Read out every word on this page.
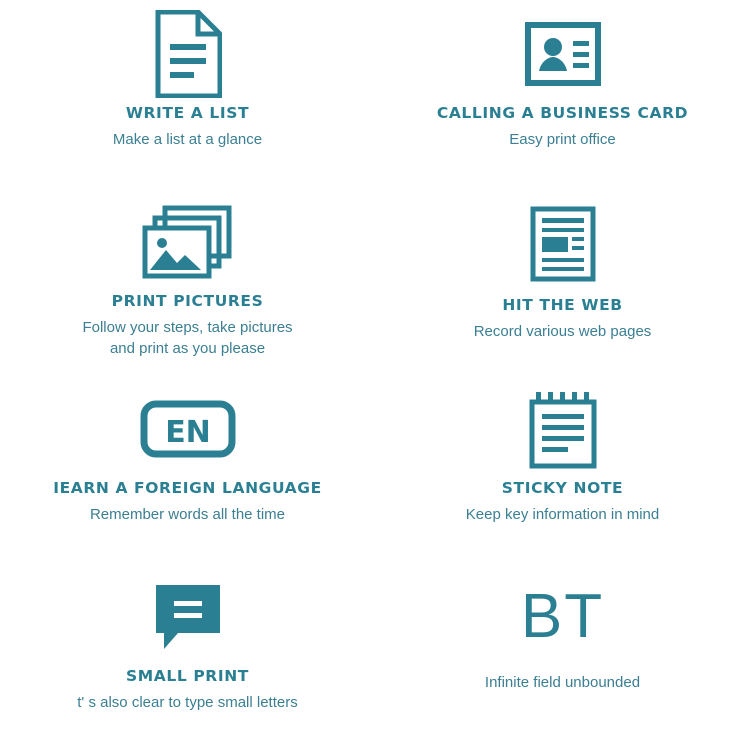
WRITE A LIST
Make a list at a glance
CALLING A BUSINESS CARD
Easy print office
PRINT PICTURES
Follow your steps, take pictures
and print as you please
HIT THE WEB
Record various web pages
EN
IEARN A FOREIGN LANGUAGE
Remember words all the time
STICKY NOTE
Keep key information in mind
SMALL PRINT
t' s also clear to type small letters
BT
Infinite field unbounded
